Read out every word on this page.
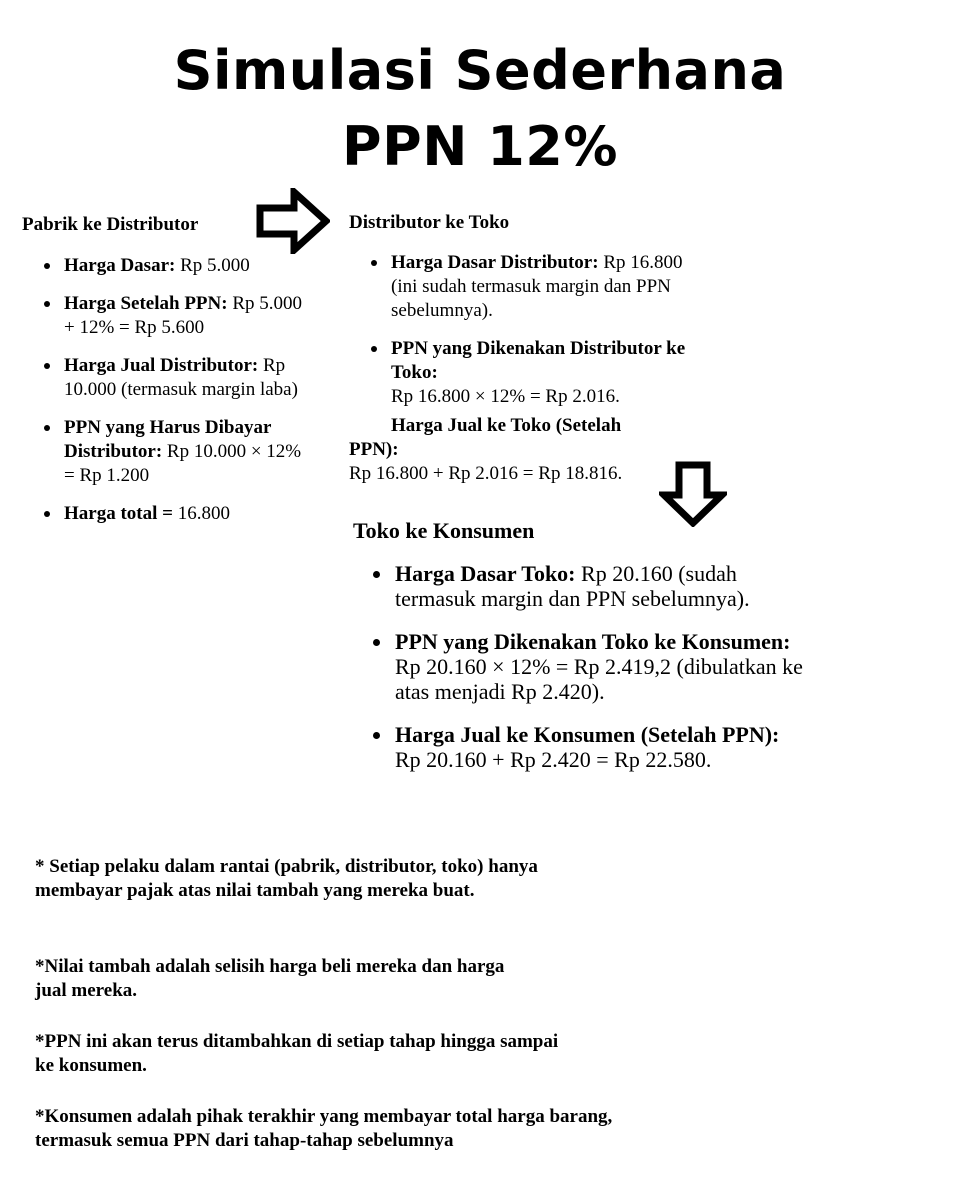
Simulasi Sederhana
PPN 12%
Pabrik ke Distributor
Harga Dasar: Rp 5.000
Harga Setelah PPN: Rp 5.000 + 12% = Rp 5.600
Harga Jual Distributor: Rp 10.000 (termasuk margin laba)
PPN yang Harus Dibayar Distributor: Rp 10.000 × 12% = Rp 1.200
Harga total = 16.800
Distributor ke Toko
Harga Dasar Distributor: Rp 16.800 (ini sudah termasuk margin dan PPN sebelumnya).
PPN yang Dikenakan Distributor ke Toko:
Rp 16.800 × 12% = Rp 2.016.
Harga Jual ke Toko (Setelah
PPN):
Rp 16.800 + Rp 2.016 = Rp 18.816.
Toko ke Konsumen
Harga Dasar Toko: Rp 20.160 (sudah termasuk margin dan PPN sebelumnya).
PPN yang Dikenakan Toko ke Konsumen:
Rp 20.160 × 12% = Rp 2.419,2 (dibulatkan ke atas menjadi Rp 2.420).
Harga Jual ke Konsumen (Setelah PPN):
Rp 20.160 + Rp 2.420 = Rp 22.580.
* Setiap pelaku dalam rantai (pabrik, distributor, toko) hanya membayar pajak atas nilai tambah yang mereka buat.
*Nilai tambah adalah selisih harga beli mereka dan harga jual mereka.
*PPN ini akan terus ditambahkan di setiap tahap hingga sampai ke konsumen.
*Konsumen adalah pihak terakhir yang membayar total harga barang, termasuk semua PPN dari tahap-tahap sebelumnya
